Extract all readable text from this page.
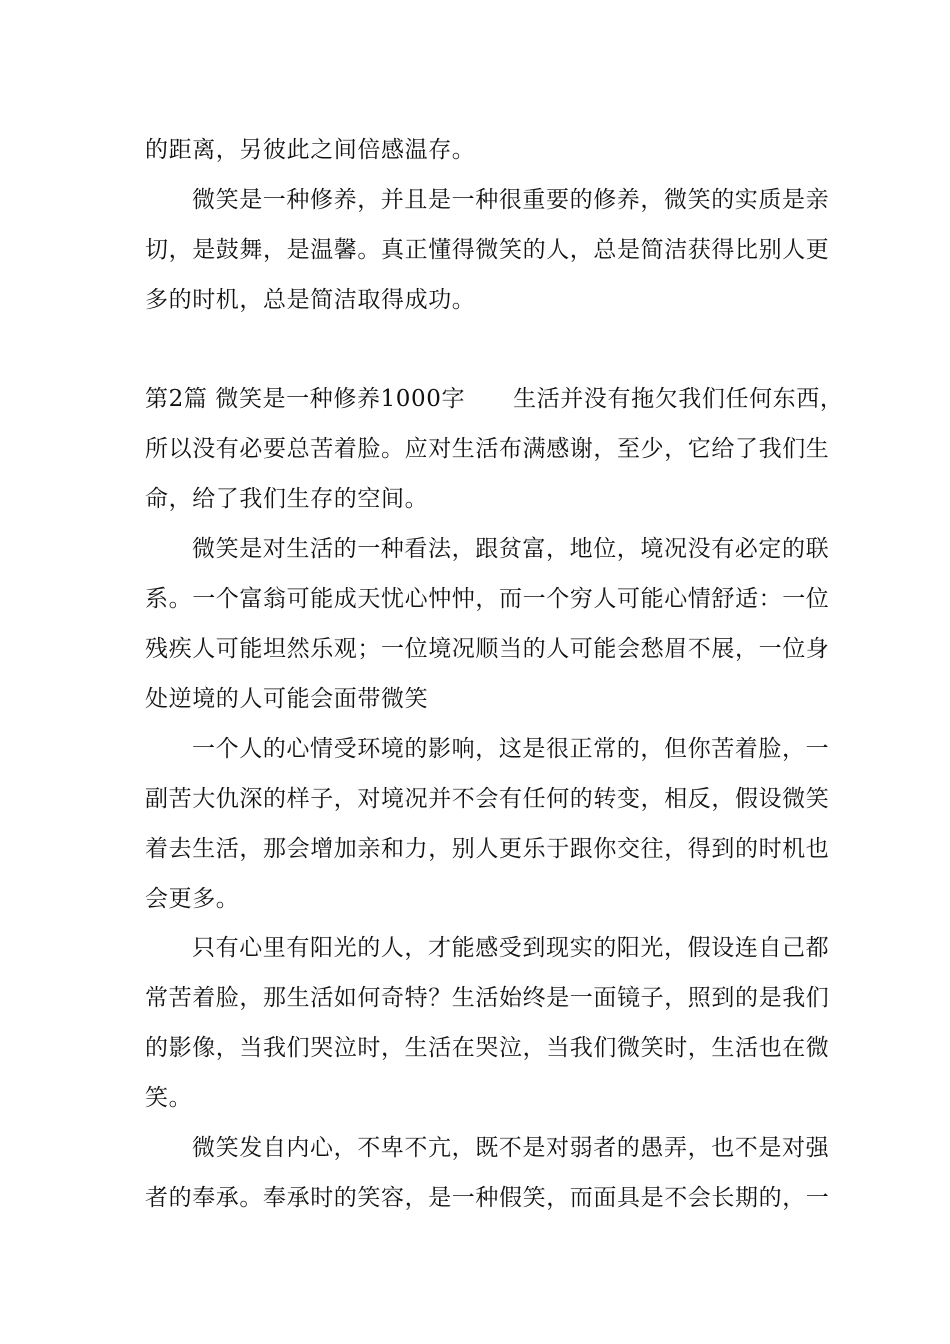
的距离，另彼此之间倍感温存。
微笑是一种修养，并且是一种很重要的修养，微笑的实质是亲
切，是鼓舞，是温馨。真正懂得微笑的人，总是简洁获得比别人更
多的时机，总是简洁取得成功。
第2篇 微笑是一种修养1000字 生活并没有拖欠我们任何东西，
所以没有必要总苦着脸。应对生活布满感谢，至少，它给了我们生
命，给了我们生存的空间。
微笑是对生活的一种看法，跟贫富，地位，境况没有必定的联
系。一个富翁可能成天忧心忡忡，而一个穷人可能心情舒适：一位
残疾人可能坦然乐观；一位境况顺当的人可能会愁眉不展，一位身
处逆境的人可能会面带微笑
一个人的心情受环境的影响，这是很正常的，但你苦着脸，一
副苦大仇深的样子，对境况并不会有任何的转变，相反，假设微笑
着去生活，那会增加亲和力，别人更乐于跟你交往，得到的时机也
会更多。
只有心里有阳光的人，才能感受到现实的阳光，假设连自己都
常苦着脸，那生活如何奇特？生活始终是一面镜子，照到的是我们
的影像，当我们哭泣时，生活在哭泣，当我们微笑时，生活也在微
笑。
微笑发自内心，不卑不亢，既不是对弱者的愚弄，也不是对强
者的奉承。奉承时的笑容，是一种假笑，而面具是不会长期的，一
